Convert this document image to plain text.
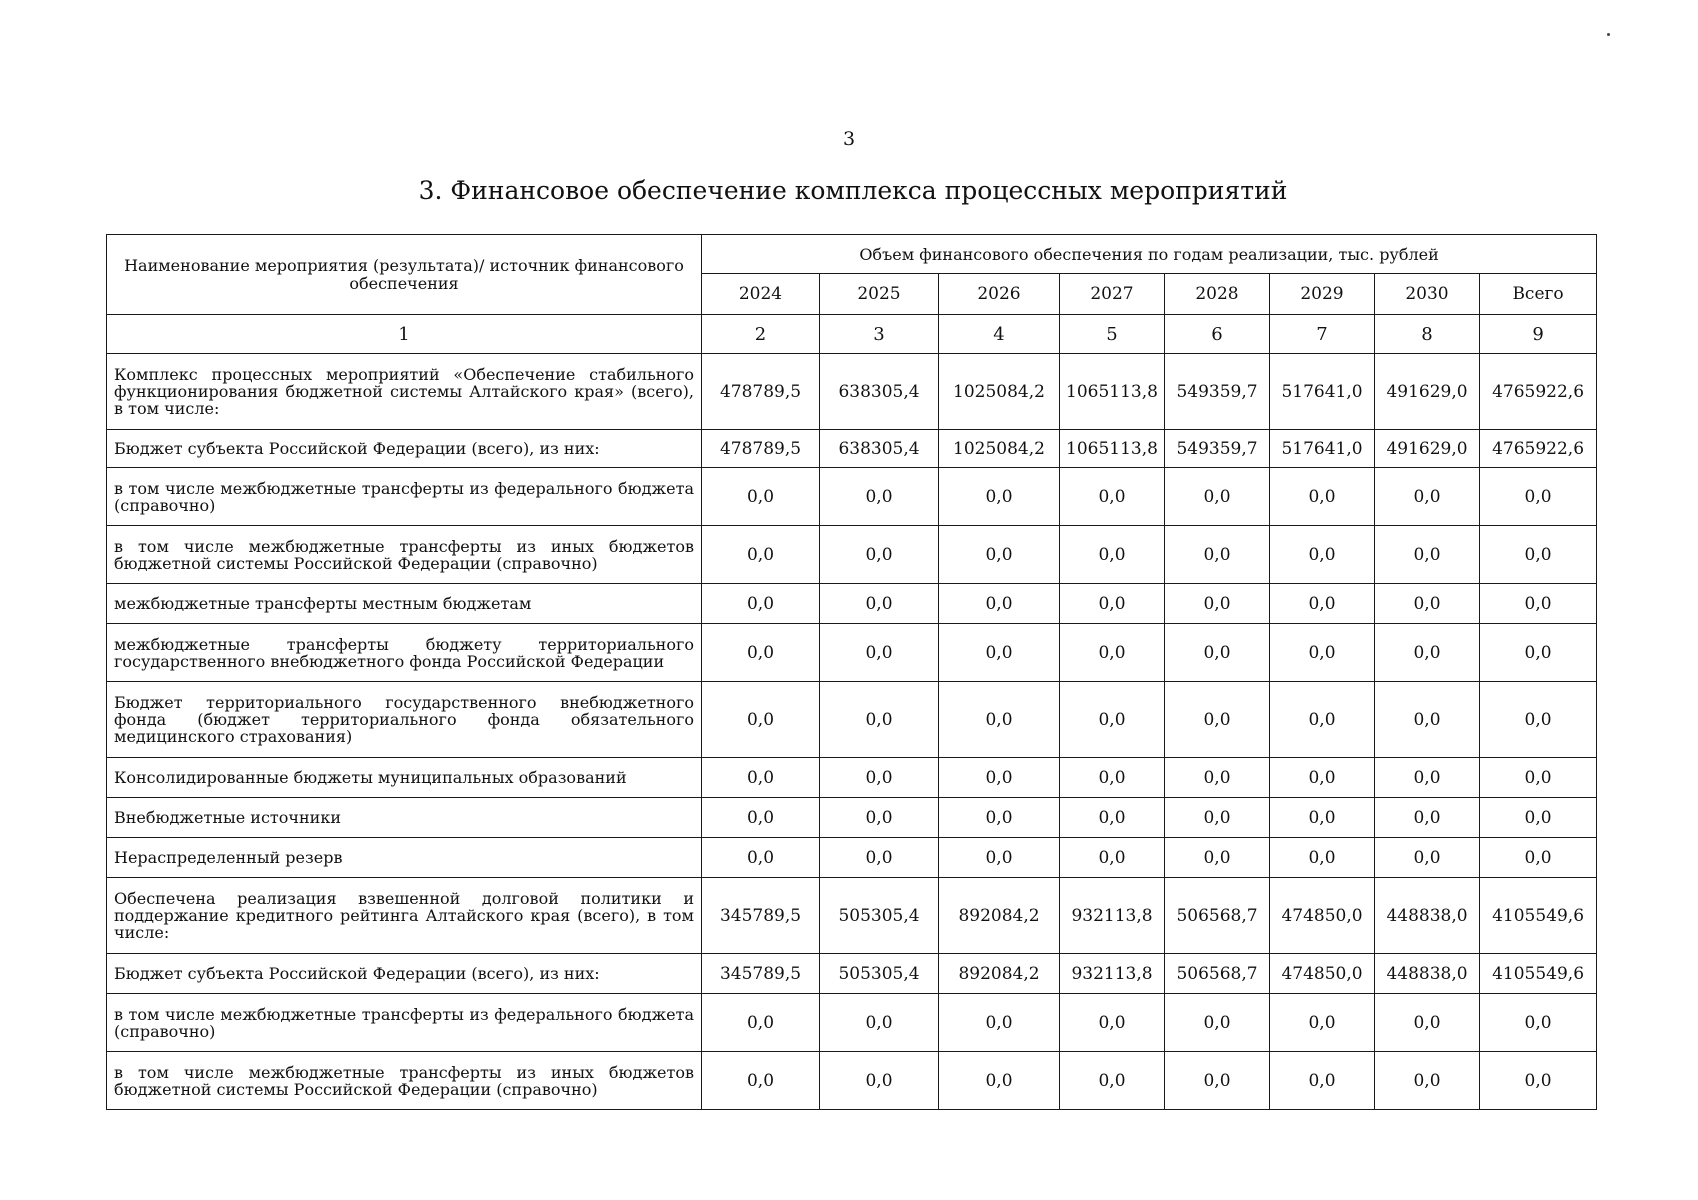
3
3. Финансовое обеспечение комплекса процессных мероприятий
Наименование мероприятия (результата)/ источник финансового обеспечения	Объем финансового обеспечения по годам реализации, тыс. рублей							
	2024	2025	2026	2027	2028	2029	2030	Всего
1	2	3	4	5	6	7	8	9
Комплекс процессных мероприятий «Обеспечение стабильного функционирования бюджетной системы Алтайского края» (всего), в том числе:	478789,5	638305,4	1025084,2	1065113,8	549359,7	517641,0	491629,0	4765922,6
Бюджет субъекта Российской Федерации (всего), из них:	478789,5	638305,4	1025084,2	1065113,8	549359,7	517641,0	491629,0	4765922,6
в том числе межбюджетные трансферты из федерального бюджета (справочно)	0,0	0,0	0,0	0,0	0,0	0,0	0,0	0,0
в том числе межбюджетные трансферты из иных бюджетов бюджетной системы Российской Федерации (справочно)	0,0	0,0	0,0	0,0	0,0	0,0	0,0	0,0
межбюджетные трансферты местным бюджетам	0,0	0,0	0,0	0,0	0,0	0,0	0,0	0,0
межбюджетные трансферты бюджету территориального государственного внебюджетного фонда Российской Федерации	0,0	0,0	0,0	0,0	0,0	0,0	0,0	0,0
Бюджет территориального государственного внебюджетного фонда (бюджет территориального фонда обязательного медицинского страхования)	0,0	0,0	0,0	0,0	0,0	0,0	0,0	0,0
Консолидированные бюджеты муниципальных образований	0,0	0,0	0,0	0,0	0,0	0,0	0,0	0,0
Внебюджетные источники	0,0	0,0	0,0	0,0	0,0	0,0	0,0	0,0
Нераспределенный резерв	0,0	0,0	0,0	0,0	0,0	0,0	0,0	0,0
Обеспечена реализация взвешенной долговой политики и поддержание кредитного рейтинга Алтайского края (всего), в том числе:	345789,5	505305,4	892084,2	932113,8	506568,7	474850,0	448838,0	4105549,6
Бюджет субъекта Российской Федерации (всего), из них:	345789,5	505305,4	892084,2	932113,8	506568,7	474850,0	448838,0	4105549,6
в том числе межбюджетные трансферты из федерального бюджета (справочно)	0,0	0,0	0,0	0,0	0,0	0,0	0,0	0,0
в том числе межбюджетные трансферты из иных бюджетов бюджетной системы Российской Федерации (справочно)	0,0	0,0	0,0	0,0	0,0	0,0	0,0	0,0
